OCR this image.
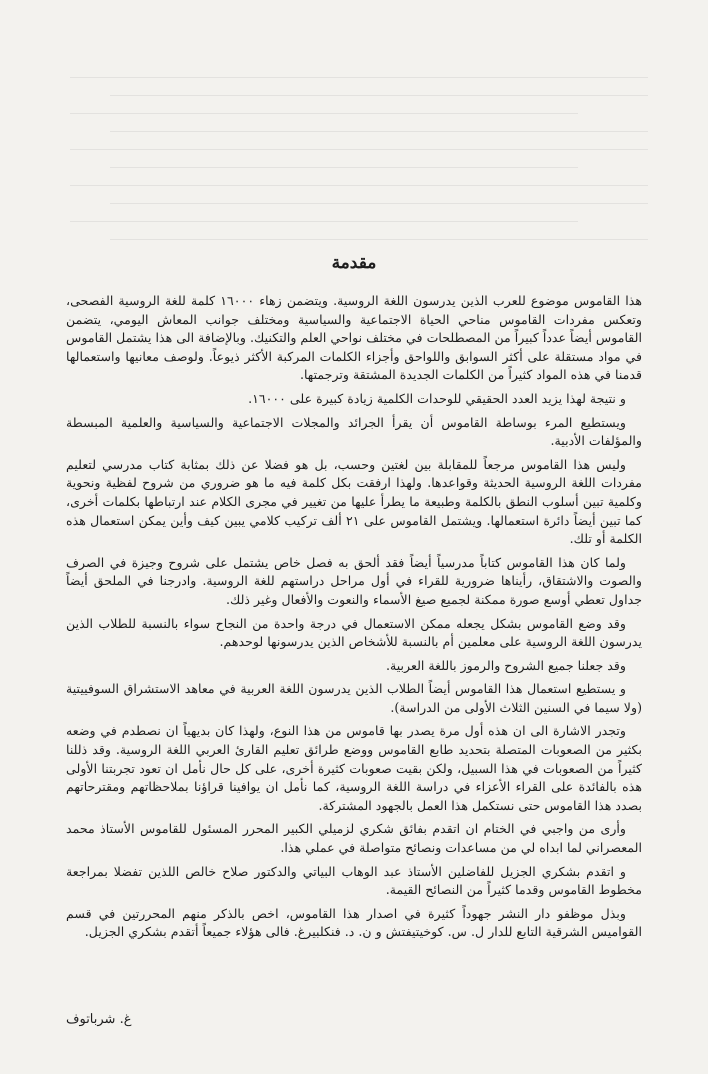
مقدمة

هذا القاموس موضوع للعرب الذين يدرسون اللغة الروسية. ويتضمن زهاء ١٦٠٠٠ كلمة للغة الروسية الفصحى، وتعكس مفردات القاموس مناحي الحياة الاجتماعية والسياسية ومختلف جوانب المعاش اليومي، يتضمن القاموس أيضاً عدداً كبيراً من المصطلحات في مختلف نواحي العلم والتكنيك. وبالإضافة الى هذا يشتمل القاموس في مواد مستقلة على أكثر السوابق واللواحق وأجزاء الكلمات المركبة الأكثر ذيوعاً. ولوصف معانيها واستعمالها قدمنا في هذه المواد كثيراً من الكلمات الجديدة المشتقة وترجمتها.

و نتيجة لهذا يزيد العدد الحقيقي للوحدات الكلمية زيادة كبيرة على ١٦٠٠٠.

ويستطيع المرء بوساطة القاموس أن يقرأ الجرائد والمجلات الاجتماعية والسياسية والعلمية المبسطة والمؤلفات الأدبية.

وليس هذا القاموس مرجعاً للمقابلة بين لغتين وحسب، بل هو فضلا عن ذلك بمثابة كتاب مدرسي لتعليم مفردات اللغة الروسية الحديثة وقواعدها. ولهذا ارفقت بكل كلمة فيه ما هو ضروري من شروح لفظية ونحوية وكلمية تبين أسلوب النطق بالكلمة وطبيعة ما يطرأ عليها من تغيير في مجرى الكلام عند ارتباطها بكلمات أخرى، كما تبين أيضاً دائرة استعمالها. ويشتمل القاموس على ٢١ ألف تركيب كلامي يبين كيف وأين يمكن استعمال هذه الكلمة أو تلك.

ولما كان هذا القاموس كتاباً مدرسياً أيضاً فقد ألحق به فصل خاص يشتمل على شروح وجيزة في الصرف والصوت والاشتقاق، رأيناها ضرورية للقراء في أول مراحل دراستهم للغة الروسية. وادرجنا في الملحق أيضاً جداول تعطي أوسع صورة ممكنة لجميع صيغ الأسماء والنعوت والأفعال وغير ذلك.

وقد وضع القاموس بشكل يجعله ممكن الاستعمال في درجة واحدة من النجاح سواء بالنسبة للطلاب الذين يدرسون اللغة الروسية على معلمين أم بالنسبة للأشخاص الذين يدرسونها لوحدهم.

وقد جعلنا جميع الشروح والرموز باللغة العربية.

و يستطيع استعمال هذا القاموس أيضاً الطلاب الذين يدرسون اللغة العربية في معاهد الاستشراق السوفييتية (ولا سيما في السنين الثلاث الأولى من الدراسة).

وتجدر الاشارة الى ان هذه أول مرة يصدر بها قاموس من هذا النوع، ولهذا كان بديهياً ان نصطدم في وضعه بكثير من الصعوبات المتصلة بتحديد طابع القاموس ووضع طرائق تعليم القارئ العربي اللغة الروسية. وقد ذللنا كثيراً من الصعوبات في هذا السبيل، ولكن بقيت صعوبات كثيرة أخرى، على كل حال نأمل ان تعود تجربتنا الأولى هذه بالفائدة على القراء الأعزاء في دراسة اللغة الروسية، كما نأمل ان يوافينا قراؤنا بملاحظاتهم ومقترحاتهم بصدد هذا القاموس حتى نستكمل هذا العمل بالجهود المشتركة.

وأرى من واجبي في الختام ان اتقدم بفائق شكري لزميلي الكبير المحرر المسئول للقاموس الأستاذ محمد المعصراني لما ابداه لي من مساعدات ونصائح متواصلة في عملي هذا.

و اتقدم بشكري الجزيل للفاضلين الأستاذ عبد الوهاب البياتي والدكتور صلاح خالص اللذين تفضلا بمراجعة مخطوط القاموس وقدما كثيراً من النصائح القيمة.

وبذل موظفو دار النشر جهوداً كثيرة في اصدار هذا القاموس، اخص بالذكر منهم المحررتين في قسم القواميس الشرقية التابع للدار ل. س. كوخيتيفتش و ن. د. فنكلبيرغ. فالى هؤلاء جميعاً أتقدم بشكري الجزيل.

غ. شرباتوف
